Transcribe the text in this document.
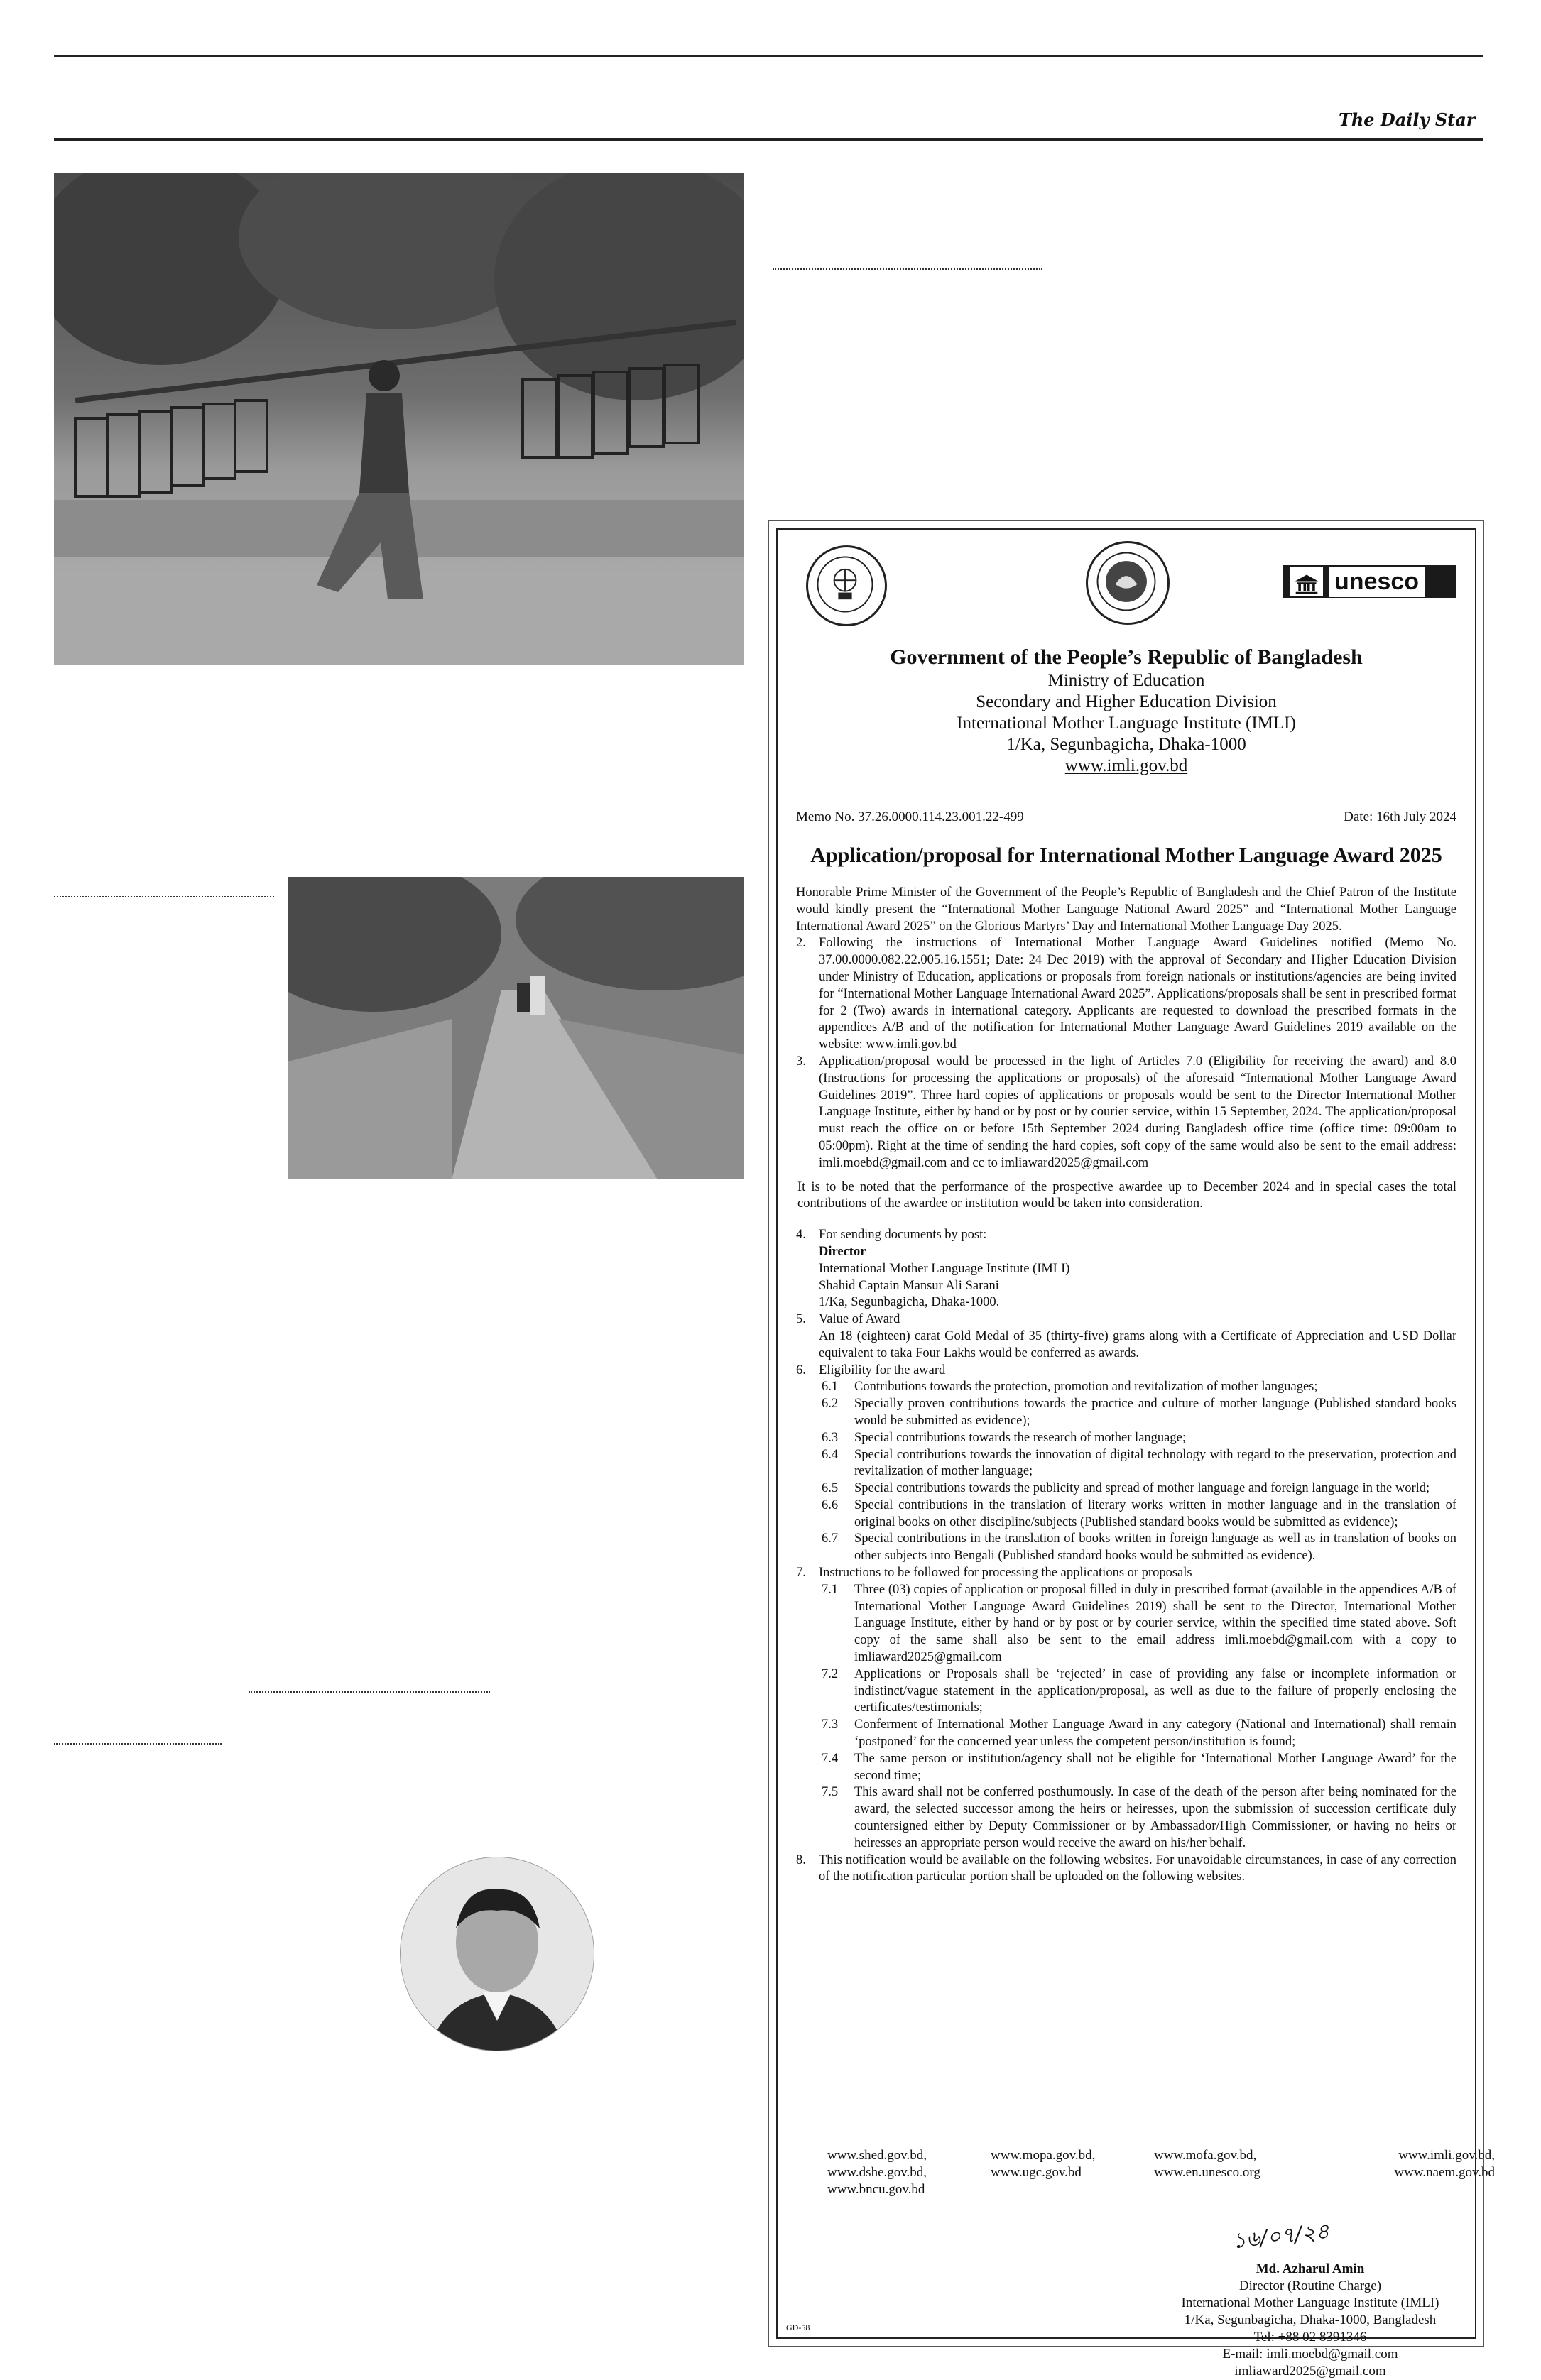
The Daily Star
unesco
Government of the People’s Republic of Bangladesh
Ministry of Education
Secondary and Higher Education Division
International Mother Language Institute (IMLI)
1/Ka, Segunbagicha, Dhaka-1000
www.imli.gov.bd
Memo No. 37.26.0000.114.23.001.22-499	Date: 16th July 2024
Application/proposal for International Mother Language Award 2025
Honorable Prime Minister of the Government of the People’s Republic of Bangladesh and the Chief Patron of the Institute would kindly present the “International Mother Language National Award 2025” and “International Mother Language International Award 2025” on the Glorious Martyrs’ Day and International Mother Language Day 2025.
2. Following the instructions of International Mother Language Award Guidelines notified (Memo No. 37.00.0000.082.22.005.16.1551; Date: 24 Dec 2019) with the approval of Secondary and Higher Education Division under Ministry of Education, applications or proposals from foreign nationals or institutions/agencies are being invited for “International Mother Language International Award 2025”. Applications/proposals shall be sent in prescribed format for 2 (Two) awards in international category. Applicants are requested to download the prescribed formats in the appendices A/B and of the notification for International Mother Language Award Guidelines 2019 available on the website: www.imli.gov.bd
3. Application/proposal would be processed in the light of Articles 7.0 (Eligibility for receiving the award) and 8.0 (Instructions for processing the applications or proposals) of the aforesaid “International Mother Language Award Guidelines 2019”. Three hard copies of applications or proposals would be sent to the Director International Mother Language Institute, either by hand or by post or by courier service, within 15 September, 2024. The application/proposal must reach the office on or before 15th September 2024 during Bangladesh office time (office time: 09:00am to 05:00pm). Right at the time of sending the hard copies, soft copy of the same would also be sent to the email address: imli.moebd@gmail.com and cc to imliaward2025@gmail.com
It is to be noted that the performance of the prospective awardee up to December 2024 and in special cases the total contributions of the awardee or institution would be taken into consideration.
4. For sending documents by post:
Director
International Mother Language Institute (IMLI)
Shahid Captain Mansur Ali Sarani
1/Ka, Segunbagicha, Dhaka-1000.
5. Value of Award
An 18 (eighteen) carat Gold Medal of 35 (thirty-five) grams along with a Certificate of Appreciation and USD Dollar equivalent to taka Four Lakhs would be conferred as awards.
6. Eligibility for the award
6.1	Contributions towards the protection, promotion and revitalization of mother languages;
6.2	Specially proven contributions towards the practice and culture of mother language (Published standard books would be submitted as evidence);
6.3	Special contributions towards the research of mother language;
6.4	Special contributions towards the innovation of digital technology with regard to the preservation, protection and revitalization of mother language;
6.5	Special contributions towards the publicity and spread of mother language and foreign language in the world;
6.6	Special contributions in the translation of literary works written in mother language and in the translation of original books on other discipline/subjects (Published standard books would be submitted as evidence);
6.7	Special contributions in the translation of books written in foreign language as well as in translation of books on other subjects into Bengali (Published standard books would be submitted as evidence).
7. Instructions to be followed for processing the applications or proposals
7.1	Three (03) copies of application or proposal filled in duly in prescribed format (available in the appendices A/B of International Mother Language Award Guidelines 2019) shall be sent to the Director, International Mother Language Institute, either by hand or by post or by courier service, within the specified time stated above. Soft copy of the same shall also be sent to the email address imli.moebd@gmail.com with a copy to imliaward2025@gmail.com
7.2	Applications or Proposals shall be ‘rejected’ in case of providing any false or incomplete information or indistinct/vague statement in the application/proposal, as well as due to the failure of properly enclosing the certificates/testimonials;
7.3	Conferment of International Mother Language Award in any category (National and International) shall remain ‘postponed’ for the concerned year unless the competent person/institution is found;
7.4	The same person or institution/agency shall not be eligible for ‘International Mother Language Award’ for the second time;
7.5	This award shall not be conferred posthumously. In case of the death of the person after being nominated for the award, the selected successor among the heirs or heiresses, upon the submission of succession certificate duly countersigned either by Deputy Commissioner or by Ambassador/High Commissioner, or having no heirs or heiresses an appropriate person would receive the award on his/her behalf.
8. This notification would be available on the following websites. For unavoidable circumstances, in case of any correction of the notification particular portion shall be uploaded on the following websites.
www.shed.gov.bd,	www.mopa.gov.bd,	www.mofa.gov.bd,	www.imli.gov.bd,
www.dshe.gov.bd,	www.ugc.gov.bd	www.en.unesco.org	www.naem.gov.bd
www.bncu.gov.bd
১৬/০৭/২৪
Md. Azharul Amin
Director (Routine Charge)
International Mother Language Institute (IMLI)
1/Ka, Segunbagicha, Dhaka-1000, Bangladesh
Tel: +88 02 8391346
E-mail: imli.moebd@gmail.com
imliaward2025@gmail.com
GD-58
